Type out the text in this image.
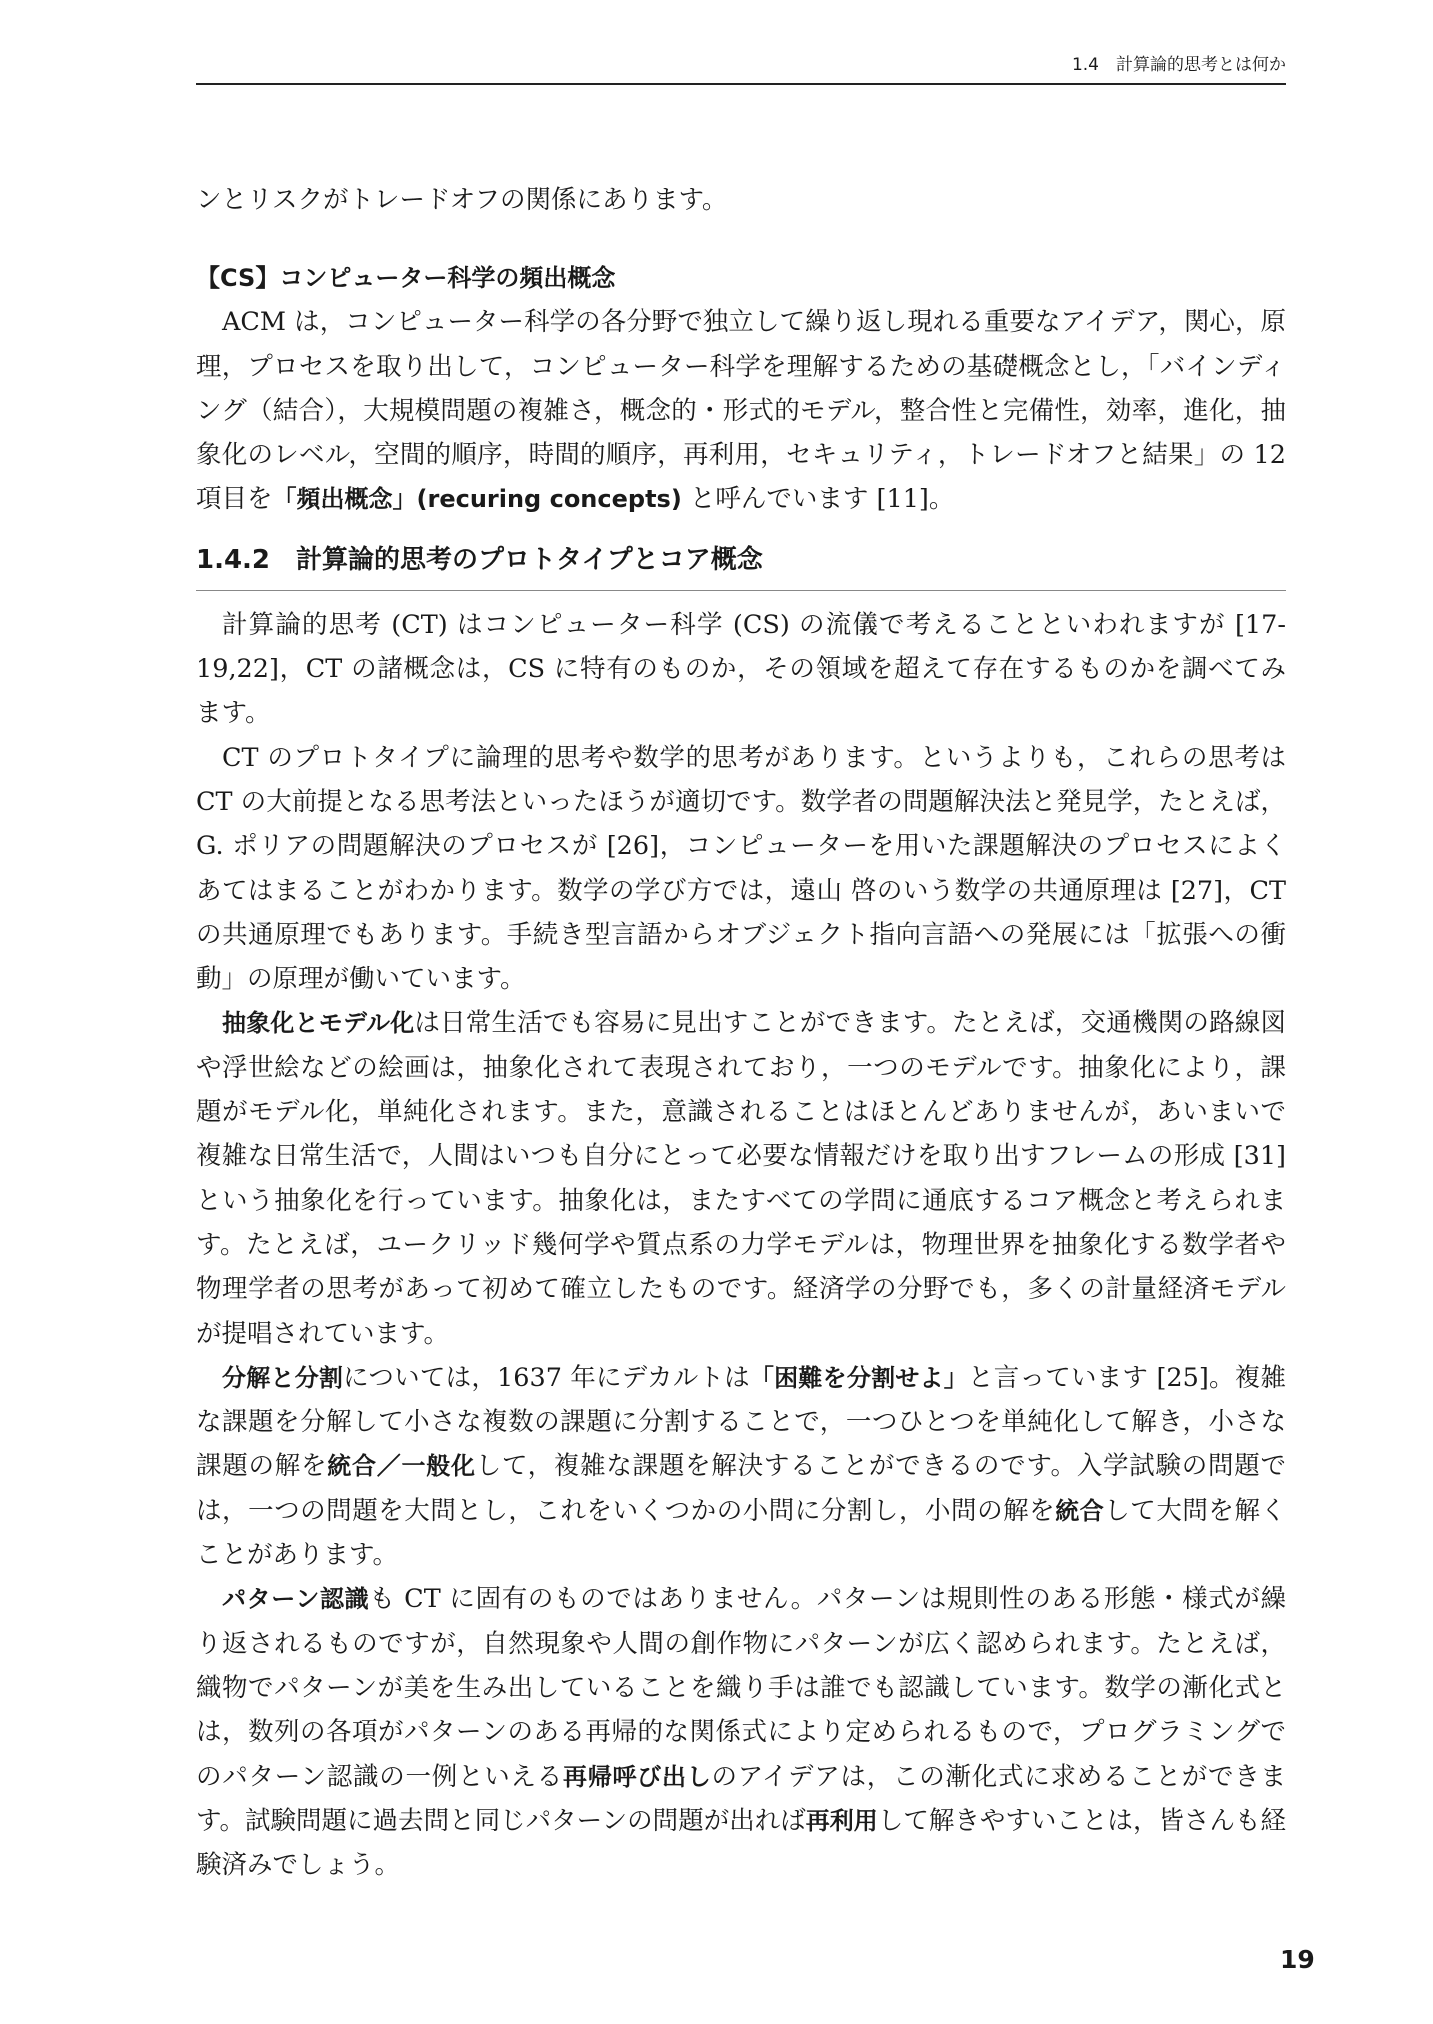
1.4　計算論的思考とは何か

ンとリスクがトレードオフの関係にあります。

【CS】コンピューター科学の頻出概念

ACM は，コンピューター科学の各分野で独立して繰り返し現れる重要なアイデア，関心，原理，プロセスを取り出して，コンピューター科学を理解するための基礎概念とし，「バインディング（結合），大規模問題の複雑さ，概念的・形式的モデル，整合性と完備性，効率，進化，抽象化のレベル，空間的順序，時間的順序，再利用，セキュリティ，トレードオフと結果」の 12 項目を「頻出概念」(recuring concepts) と呼んでいます [11]。

1.4.2 計算論的思考のプロトタイプとコア概念

計算論的思考 (CT) はコンピューター科学 (CS) の流儀で考えることといわれますが [17-19,22]，CT の諸概念は，CS に特有のものか，その領域を超えて存在するものかを調べてみます。

CT のプロトタイプに論理的思考や数学的思考があります。というよりも，これらの思考は CT の大前提となる思考法といったほうが適切です。数学者の問題解決法と発見学，たとえば，G. ポリアの問題解決のプロセスが [26]，コンピューターを用いた課題解決のプロセスによくあてはまることがわかります。数学の学び方では，遠山 啓のいう数学の共通原理は [27]，CT の共通原理でもあります。手続き型言語からオブジェクト指向言語への発展には「拡張への衝動」の原理が働いています。

抽象化とモデル化は日常生活でも容易に見出すことができます。たとえば，交通機関の路線図や浮世絵などの絵画は，抽象化されて表現されており，一つのモデルです。抽象化により，課題がモデル化，単純化されます。また，意識されることはほとんどありませんが，あいまいで複雑な日常生活で，人間はいつも自分にとって必要な情報だけを取り出すフレームの形成 [31] という抽象化を行っています。抽象化は，またすべての学問に通底するコア概念と考えられます。たとえば，ユークリッド幾何学や質点系の力学モデルは，物理世界を抽象化する数学者や物理学者の思考があって初めて確立したものです。経済学の分野でも，多くの計量経済モデルが提唱されています。

分解と分割については，1637 年にデカルトは「困難を分割せよ」と言っています [25]。複雑な課題を分解して小さな複数の課題に分割することで，一つひとつを単純化して解き，小さな課題の解を統合／一般化して，複雑な課題を解決することができるのです。入学試験の問題では，一つの問題を大問とし，これをいくつかの小問に分割し，小問の解を統合して大問を解くことがあります。

パターン認識も CT に固有のものではありません。パターンは規則性のある形態・様式が繰り返されるものですが，自然現象や人間の創作物にパターンが広く認められます。たとえば，織物でパターンが美を生み出していることを織り手は誰でも認識しています。数学の漸化式とは，数列の各項がパターンのある再帰的な関係式により定められるもので，プログラミングでのパターン認識の一例といえる再帰呼び出しのアイデアは，この漸化式に求めることができます。試験問題に過去問と同じパターンの問題が出れば再利用して解きやすいことは，皆さんも経験済みでしょう。

19
